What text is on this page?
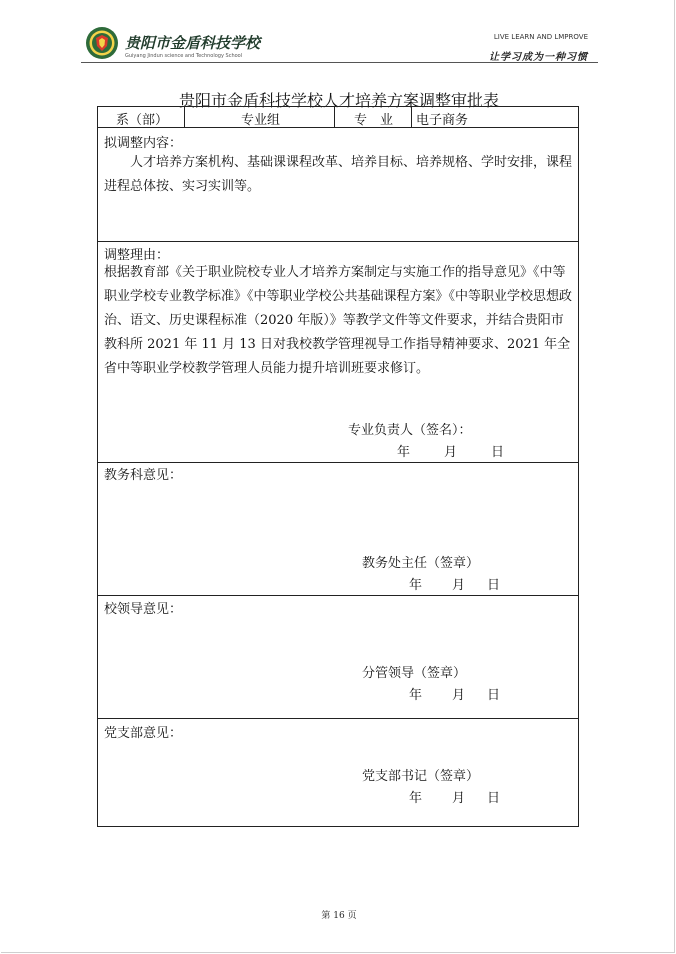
贵阳市金盾科技学校
Guiyang Jindun science and Technology School
LIVE LEARN AND LMPROVE
让学习成为一种习惯
贵阳市金盾科技学校人才培养方案调整审批表
系（部）	专业组	专　业 电子商务
拟调整内容：
人才培养方案机构、基础课课程改革、培养目标、培养规格、学时安排，课程进程总体按、实习实训等。
调整理由：
根据教育部《关于职业院校专业人才培养方案制定与实施工作的指导意见》《中等职业学校专业教学标准》《中等职业学校公共基础课程方案》《中等职业学校思想政治、语文、历史课程标准（2020 年版）》等教学文件等文件要求，并结合贵阳市教科所 2021 年 11 月 13 日对我校教学管理视导工作指导精神要求、2021 年全省中等职业学校教学管理人员能力提升培训班要求修订。
专业负责人（签名）：
年	月	日
教务科意见：
教务处主任（签章）
年 月 日
校领导意见：
分管领导（签章）
年 月 日
党支部意见：
党支部书记（签章）
年 月 日
第 16 页
